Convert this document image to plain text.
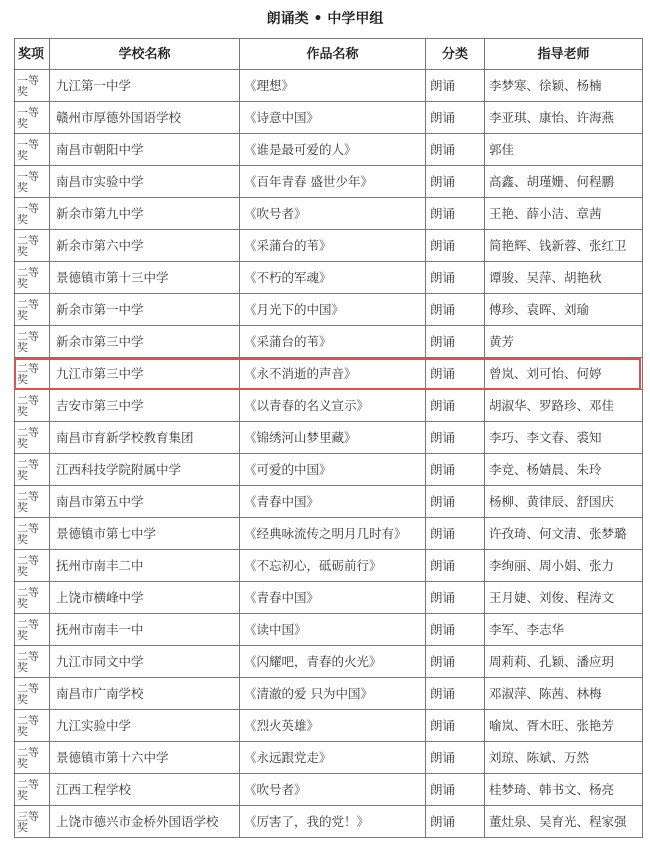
朗诵类 • 中学甲组
奖项	学校名称	作品名称	分类	指导老师
一等奖	九江第一中学	《理想》	朗诵	李梦寒、徐颖、杨楠
一等奖	赣州市厚德外国语学校	《诗意中国》	朗诵	李亚琪、康怡、许海燕
一等奖	南昌市朝阳中学	《谁是最可爱的人》	朗诵	郭佳
一等奖	南昌市实验中学	《百年青春 盛世少年》	朗诵	高鑫、胡瑾姗、何程鹏
一等奖	新余市第九中学	《吹号者》	朗诵	王艳、薛小洁、章茜
二等奖	新余市第六中学	《采蒲台的苇》	朗诵	简艳辉、钱新蓉、张红卫
二等奖	景德镇市第十三中学	《不朽的军魂》	朗诵	谭骏、吴萍、胡艳秋
二等奖	新余市第一中学	《月光下的中国》	朗诵	傅珍、袁晖、刘瑜
二等奖	新余市第三中学	《采蒲台的苇》	朗诵	黄芳
二等奖	九江市第三中学	《永不消逝的声音》	朗诵	曾岚、刘可怡、何婷
二等奖	吉安市第三中学	《以青春的名义宣示》	朗诵	胡淑华、罗路珍、邓佳
二等奖	南昌市育新学校教育集团	《锦绣河山梦里藏》	朗诵	李巧、李文春、裘知
二等奖	江西科技学院附属中学	《可爱的中国》	朗诵	李竞、杨婧晨、朱玲
二等奖	南昌市第五中学	《青春中国》	朗诵	杨柳、黄律辰、舒国庆
二等奖	景德镇市第七中学	《经典咏流传之明月几时有》	朗诵	许孜琦、何文清、张梦璐
二等奖	抚州市南丰二中	《不忘初心，砥砺前行》	朗诵	李绚丽、周小娟、张力
二等奖	上饶市横峰中学	《青春中国》	朗诵	王月婕、刘俊、程涛文
二等奖	抚州市南丰一中	《读中国》	朗诵	李军、李志华
二等奖	九江市同文中学	《闪耀吧，青春的火光》	朗诵	周莉莉、孔颖、潘应玥
二等奖	南昌市广南学校	《清澈的爱 只为中国》	朗诵	邓淑萍、陈茜、林梅
二等奖	九江实验中学	《烈火英雄》	朗诵	喻岚、胥木旺、张艳芳
二等奖	景德镇市第十六中学	《永远跟党走》	朗诵	刘琼、陈斌、万然
二等奖	江西工程学校	《吹号者》	朗诵	桂梦琦、韩书文、杨亮
三等奖	上饶市德兴市金桥外国语学校	《厉害了，我的党！》	朗诵	董灶泉、吴育光、程家强
